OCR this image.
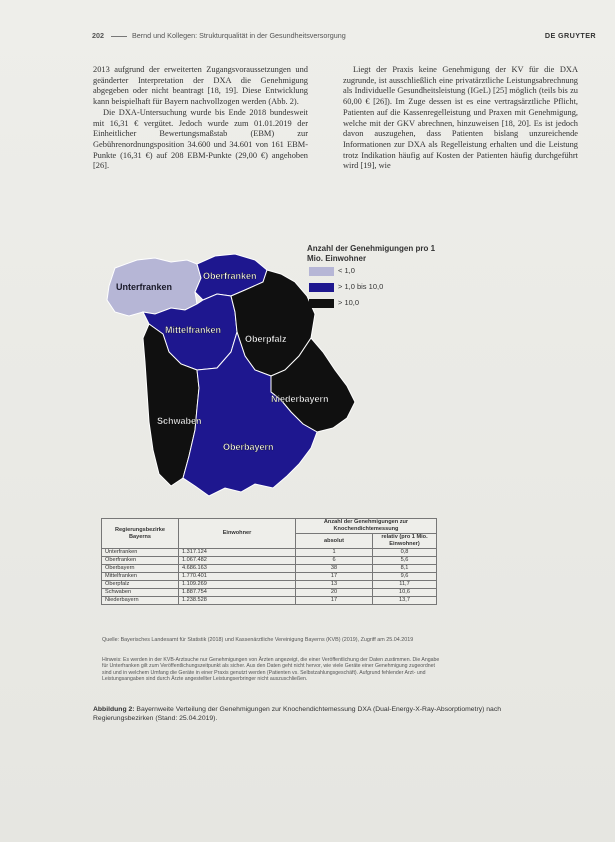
202	Bernd und Kollegen: Strukturqualität in der Gesundheitsversorgung	DE GRUYTER

2013 aufgrund der erweiterten Zugangsvoraussetzungen und geänderter Interpretation der DXA die Genehmigung abgegeben oder nicht beantragt [18, 19]. Diese Entwicklung kann beispielhaft für Bayern nachvollzogen werden (Abb. 2).

Die DXA-Untersuchung wurde bis Ende 2018 bundesweit mit 16,31 € vergütet. Jedoch wurde zum 01.01.2019 der Einheitlicher Bewertungsmaßstab (EBM) zur Gebührenordnungsposition 34.600 und 34.601 von 161 EBM-Punkte (16,31 €) auf 208 EBM-Punkte (29,00 €) angehoben [26].

Liegt der Praxis keine Genehmigung der KV für die DXA zugrunde, ist ausschließlich eine privatärztliche Leistungsabrechnung als Individuelle Gesundheitsleistung (IGeL) [25] möglich (teils bis zu 60,00 € [26]). Im Zuge dessen ist es eine vertragsärztliche Pflicht, Patienten auf die Kassenregelleistung und Praxen mit Genehmigung, welche mit der GKV abrechnen, hinzuweisen [18, 20]. Es ist jedoch davon auszugehen, dass Patienten bislang unzureichende Informationen zur DXA als Regelleistung erhalten und die Leistung trotz Indikation häufig auf Kosten der Patienten häufig durchgeführt wird [19], wie

Unterfranken
Oberfranken
Mittelfranken
Oberpfalz
Niederbayern
Schwaben
Oberbayern
Anzahl der Genehmigungen pro 1 Mio. Einwohner
< 1,0
> 1,0 bis 10,0
> 10,0
Regierungsbezirke Bayerns	Einwohner	Anzahl der Genehmigungen zur Knochendichtemessung	
		absolut	relativ (pro 1 Mio. Einwohner)
Unterfranken	1.317.124	1	0,8
Oberfranken	1.067.482	6	5,6
Oberbayern	4.686.163	38	8,1
Mittelfranken	1.770.401	17	9,6
Oberpfalz	1.109.269	13	11,7
Schwaben	1.887.754	20	10,6
Niederbayern	1.238.528	17	13,7
Quelle: Bayerisches Landesamt für Statistik (2018) und Kassenärztliche Vereinigung Bayerns (KVB) (2019), Zugriff am 25.04.2019
Hinweis: Es werden in der KVB-Arztsuche nur Genehmigungen von Ärzten angezeigt, die einer Veröffentlichung der Daten zustimmen. Die Angabe für Unterfranken gilt zum Veröffentlichungszeitpunkt als sicher. Aus den Daten geht nicht hervor, wie viele Geräte einer Genehmigung zugeordnet sind und in welchem Umfang die Geräte in einer Praxis genutzt werden (Patienten vs. Selbstzahlungsgeschäft). Aufgrund fehlender Arzt- und Leistungsangaben sind durch Ärzte angestellter Leistungserbringer nicht auszuschließen.
Abbildung 2: Bayernweite Verteilung der Genehmigungen zur Knochendichtemessung DXA (Dual-Energy-X-Ray-Absorptiometry) nach Regierungsbezirken (Stand: 25.04.2019).
